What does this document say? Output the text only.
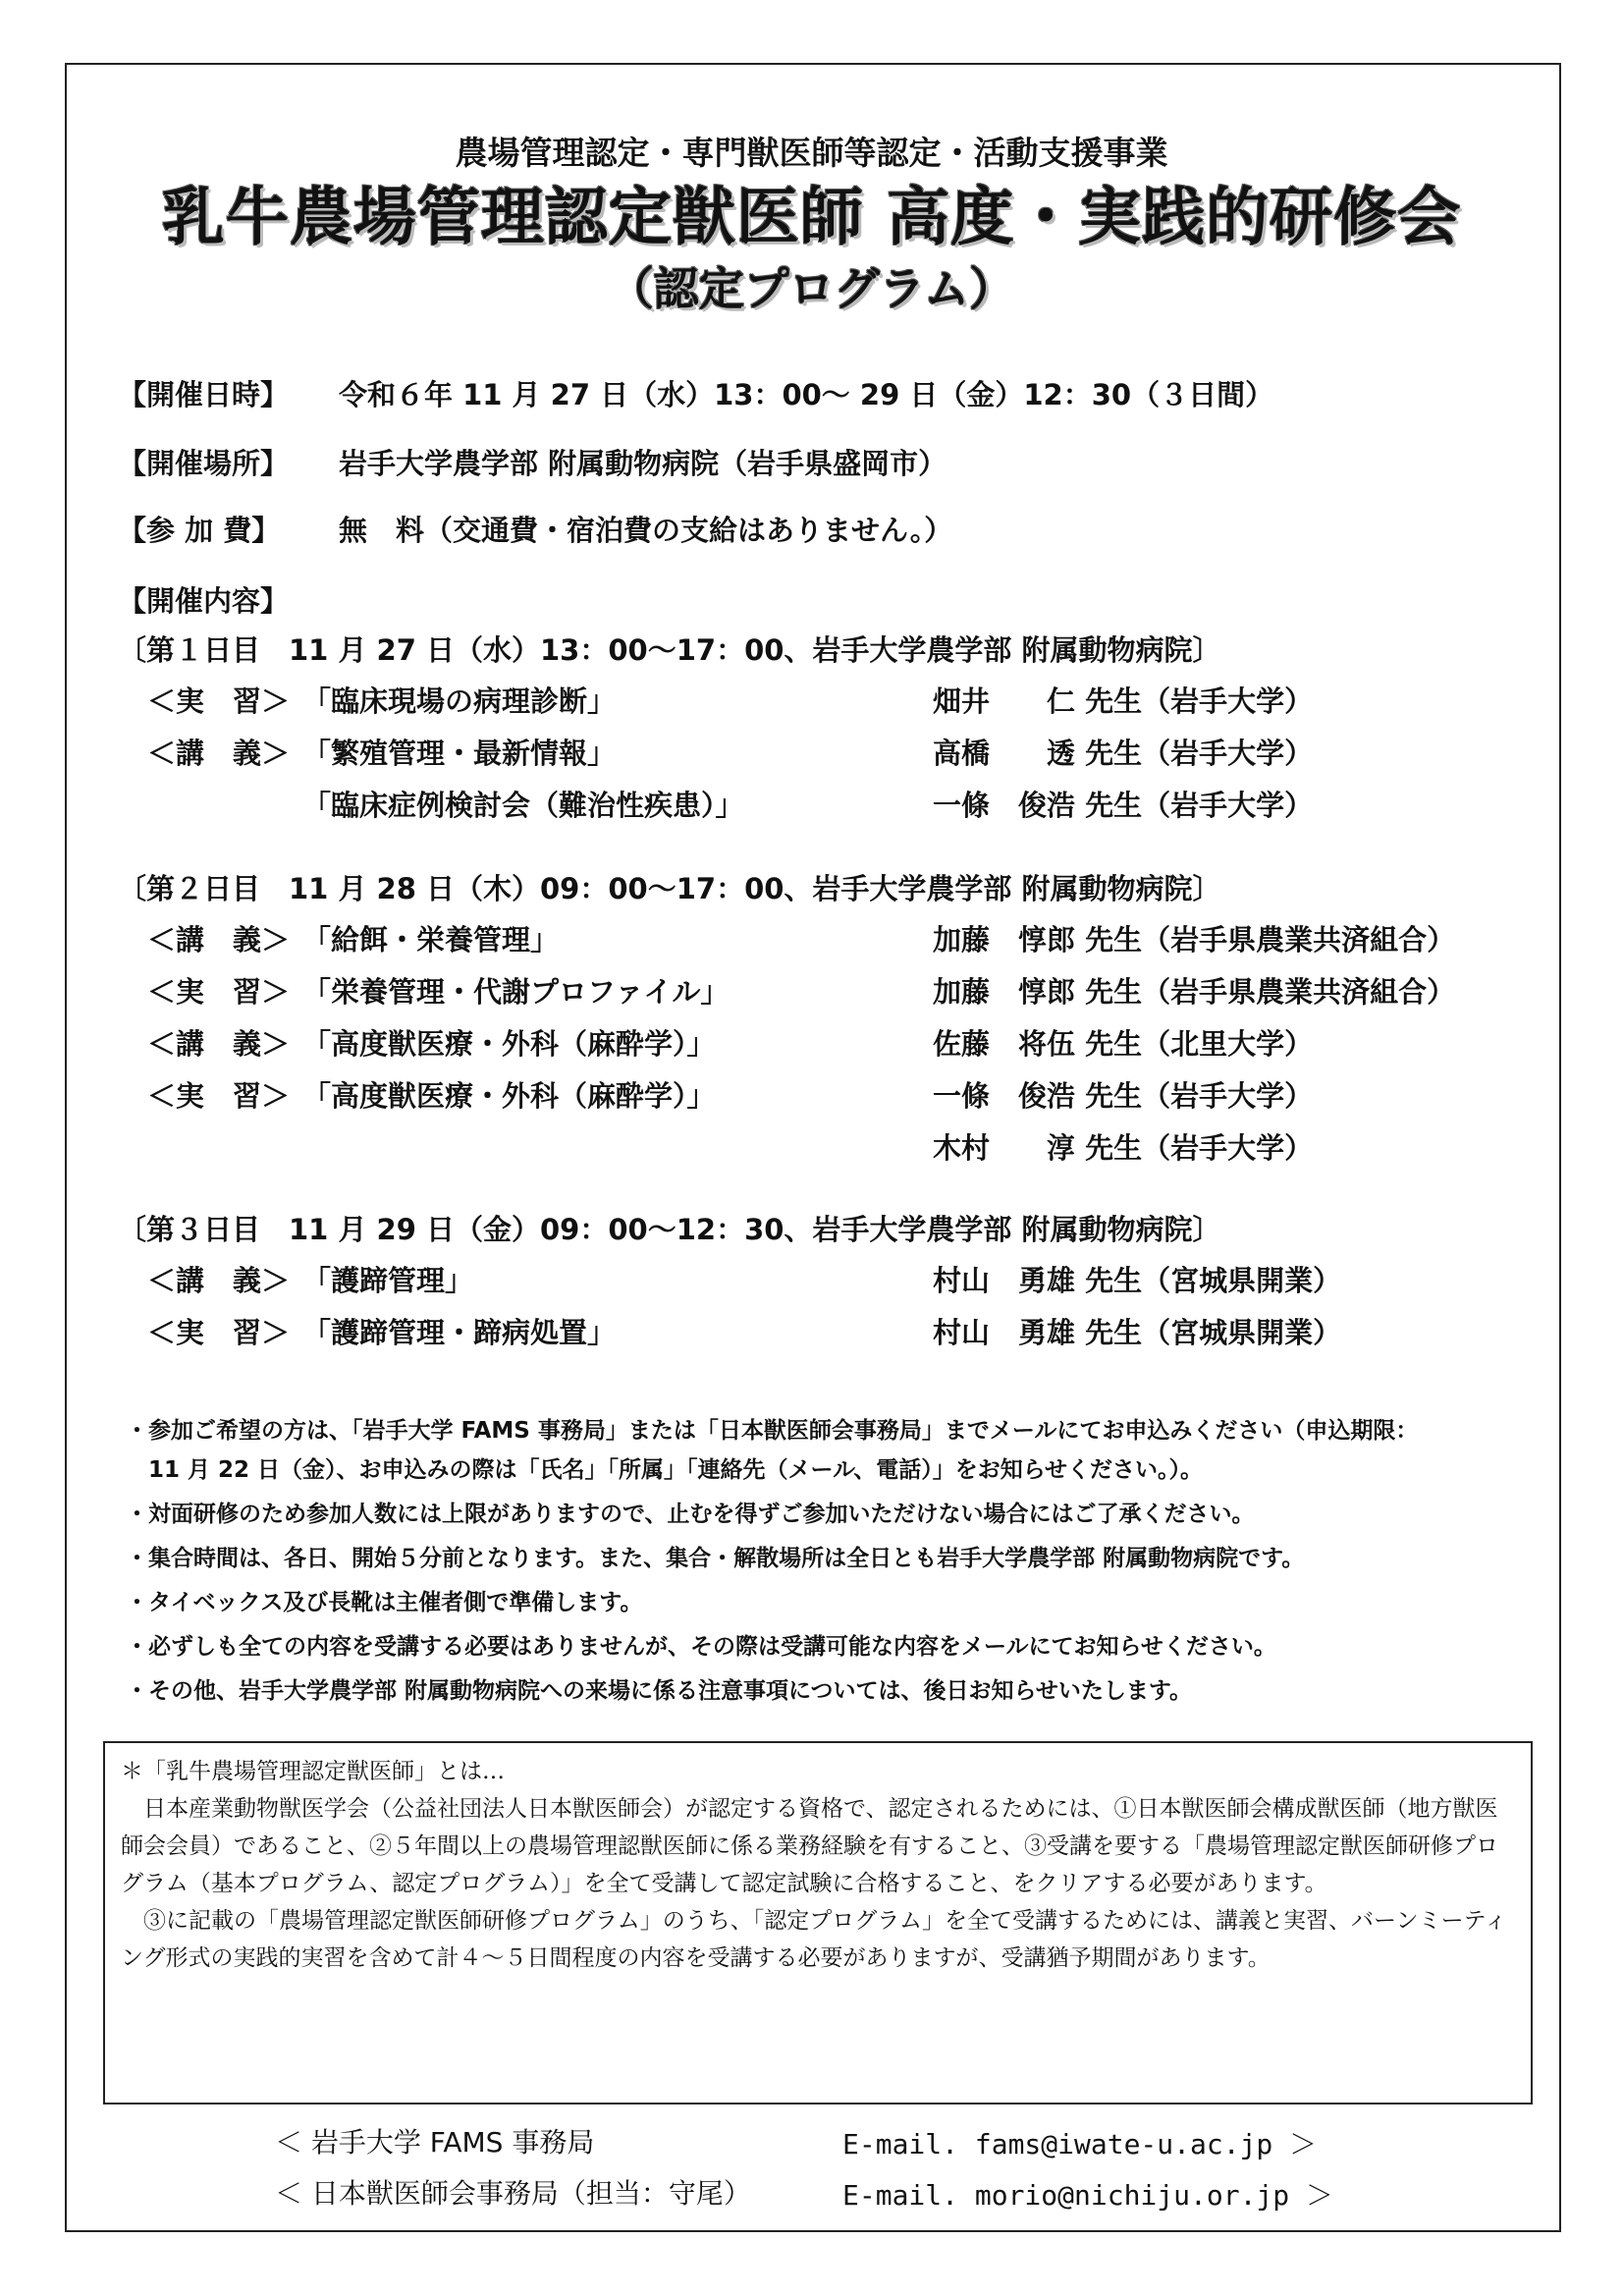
農場管理認定・専門獣医師等認定・活動支援事業
乳牛農場管理認定獣医師 高度・実践的研修会
（認定プログラム）
【開催日時】 令和６年 11 月 27 日（水）13：00～ 29 日（金）12：30（３日間）
【開催場所】 岩手大学農学部 附属動物病院（岩手県盛岡市）
【参 加 費】 無　料（交通費・宿泊費の支給はありません。）
【開催内容】
〔第１日目　11 月 27 日（水）13：00～17：00、岩手大学農学部 附属動物病院〕
＜実　習＞ 「臨床現場の病理診断」	畑井　　仁 先生（岩手大学）
＜講　義＞ 「繁殖管理・最新情報」	高橋　　透 先生（岩手大学）
「臨床症例検討会（難治性疾患）」	一條　俊浩 先生（岩手大学）
〔第２日目　11 月 28 日（木）09：00～17：00、岩手大学農学部 附属動物病院〕
＜講　義＞ 「給餌・栄養管理」	加藤　惇郎 先生（岩手県農業共済組合）
＜実　習＞ 「栄養管理・代謝プロファイル」	加藤　惇郎 先生（岩手県農業共済組合）
＜講　義＞ 「高度獣医療・外科（麻酔学）」	佐藤　将伍 先生（北里大学）
＜実　習＞ 「高度獣医療・外科（麻酔学）」	一條　俊浩 先生（岩手大学）
木村　　淳 先生（岩手大学）
〔第３日目　11 月 29 日（金）09：00～12：30、岩手大学農学部 附属動物病院〕
＜講　義＞ 「護蹄管理」	村山　勇雄 先生（宮城県開業）
＜実　習＞ 「護蹄管理・蹄病処置」	村山　勇雄 先生（宮城県開業）
・参加ご希望の方は、「岩手大学 FAMS 事務局」または「日本獣医師会事務局」までメールにてお申込みください（申込期限：
　11 月 22 日（金）、お申込みの際は「氏名」「所属」「連絡先（メール、電話）」をお知らせください。）。
・対面研修のため参加人数には上限がありますので、止むを得ずご参加いただけない場合にはご了承ください。
・集合時間は、各日、開始５分前となります。また、集合・解散場所は全日とも岩手大学農学部 附属動物病院です。
・タイベックス及び長靴は主催者側で準備します。
・必ずしも全ての内容を受講する必要はありませんが、その際は受講可能な内容をメールにてお知らせください。
・その他、岩手大学農学部 附属動物病院への来場に係る注意事項については、後日お知らせいたします。

＊「乳牛農場管理認定獣医師」とは…

日本産業動物獣医学会（公益社団法人日本獣医師会）が認定する資格で、認定されるためには、①日本獣医師会構成獣医師（地方獣医師会会員）であること、②５年間以上の農場管理認獣医師に係る業務経験を有すること、③受講を要する「農場管理認定獣医師研修プログラム（基本プログラム、認定プログラム）」を全て受講して認定試験に合格すること、をクリアする必要があります。

③に記載の「農場管理認定獣医師研修プログラム」のうち、「認定プログラム」を全て受講するためには、講義と実習、バーンミーティング形式の実践的実習を含めて計４～５日間程度の内容を受講する必要がありますが、受講猶予期間があります。

＜ 岩手大学 FAMS 事務局	E-mail. fams@iwate-u.ac.jp ＞
＜ 日本獣医師会事務局（担当：守尾）	E-mail. morio@nichiju.or.jp ＞
